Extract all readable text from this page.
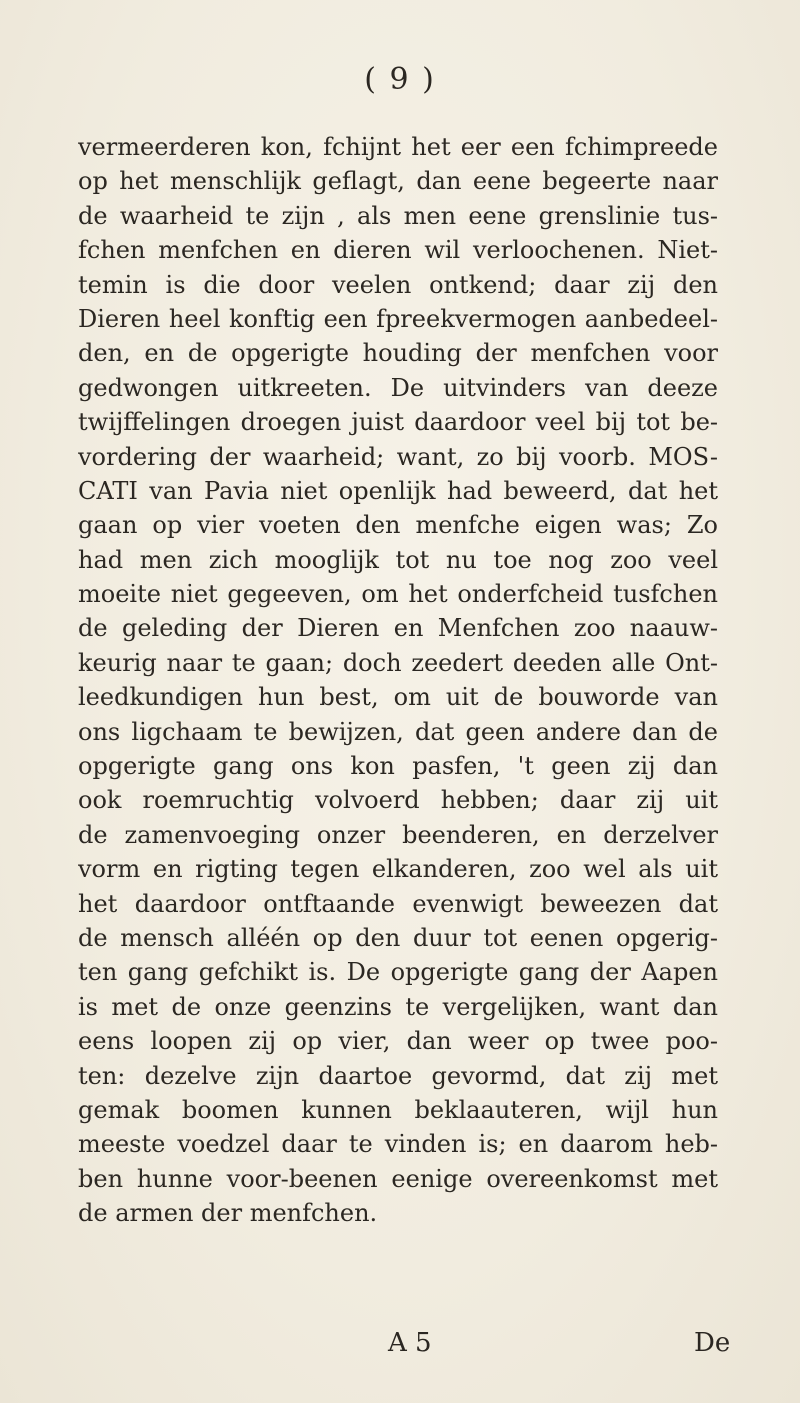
( 9 )
vermeerderen kon, fchijnt het eer een fchimpreede
op het menschlijk geflagt, dan eene begeerte naar
de waarheid te zijn , als men eene grenslinie tus-
fchen menfchen en dieren wil verloochenen. Niet-
temin is die door veelen ontkend; daar zij den
Dieren heel konftig een fpreekvermogen aanbedeel-
den, en de opgerigte houding der menfchen voor
gedwongen uitkreeten. De uitvinders van deeze
twijffelingen droegen juist daardoor veel bij tot be-
vordering der waarheid; want, zo bij voorb. MOS-
CATI van Pavia niet openlijk had beweerd, dat het
gaan op vier voeten den menfche eigen was; Zo
had men zich mooglijk tot nu toe nog zoo veel
moeite niet gegeeven, om het onderfcheid tusfchen
de geleding der Dieren en Menfchen zoo naauw-
keurig naar te gaan; doch zeedert deeden alle Ont-
leedkundigen hun best, om uit de bouworde van
ons ligchaam te bewijzen, dat geen andere dan de
opgerigte gang ons kon pasfen, 't geen zij dan
ook roemruchtig volvoerd hebben; daar zij uit
de zamenvoeging onzer beenderen, en derzelver
vorm en rigting tegen elkanderen, zoo wel als uit
het daardoor ontftaande evenwigt beweezen dat
de mensch alléén op den duur tot eenen opgerig-
ten gang gefchikt is. De opgerigte gang der Aapen
is met de onze geenzins te vergelijken, want dan
eens loopen zij op vier, dan weer op twee poo-
ten: dezelve zijn daartoe gevormd, dat zij met
gemak boomen kunnen beklaauteren, wijl hun
meeste voedzel daar te vinden is; en daarom heb-
ben hunne voor-beenen eenige overeenkomst met
de armen der menfchen.
A 5	De
